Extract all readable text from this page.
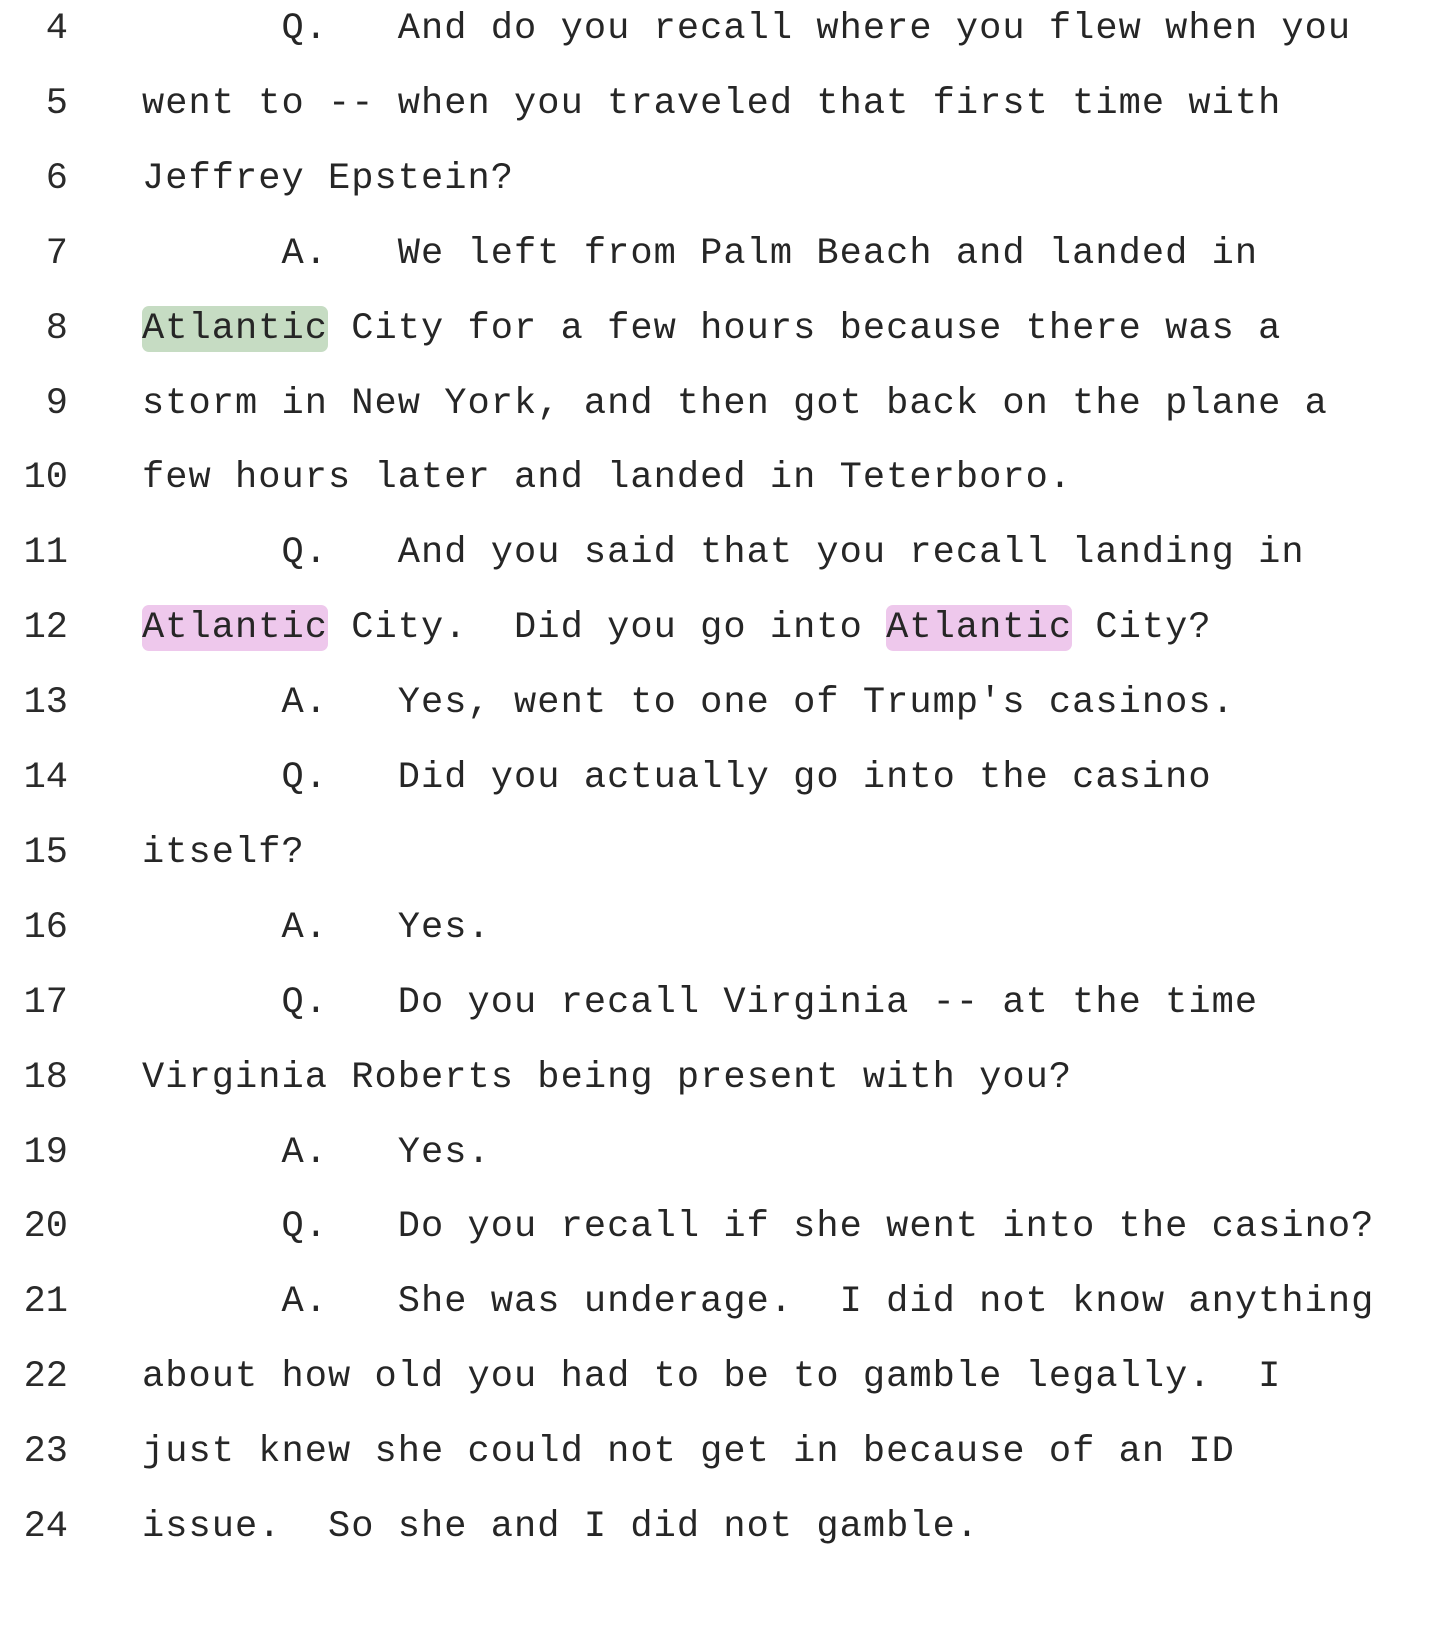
4 Q.   And do you recall where you flew when you
5 went to -- when you traveled that first time with
6 Jeffrey Epstein?
7 A.   We left from Palm Beach and landed in
8 Atlantic City for a few hours because there was a
9 storm in New York, and then got back on the plane a
10 few hours later and landed in Teterboro.
11 Q.   And you said that you recall landing in
12 Atlantic City.  Did you go into Atlantic City?
13 A.   Yes, went to one of Trump's casinos.
14 Q.   Did you actually go into the casino
15 itself?
16 A.   Yes.
17 Q.   Do you recall Virginia -- at the time
18 Virginia Roberts being present with you?
19 A.   Yes.
20 Q.   Do you recall if she went into the casino?
21 A.   She was underage.  I did not know anything
22 about how old you had to be to gamble legally.  I
23 just knew she could not get in because of an ID
24 issue.  So she and I did not gamble.
